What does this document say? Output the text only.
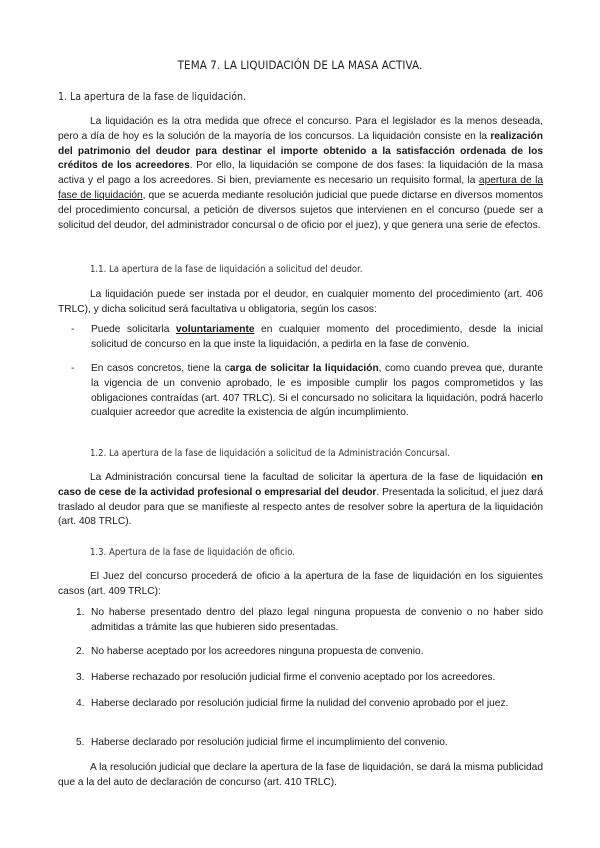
TEMA 7. LA LIQUIDACIÓN DE LA MASA ACTIVA.
1. La apertura de la fase de liquidación.
La liquidación es la otra medida que ofrece el concurso. Para el legislador es la menos deseada, pero a día de hoy es la solución de la mayoría de los concursos. La liquidación consiste en la realización del patrimonio del deudor para destinar el importe obtenido a la satisfacción ordenada de los créditos de los acreedores. Por ello, la liquidación se compone de dos fases: la liquidación de la masa activa y el pago a los acreedores. Si bien, previamente es necesario un requisito formal, la apertura de la fase de liquidación, que se acuerda mediante resolución judicial que puede dictarse en diversos momentos del procedimiento concursal, a petición de diversos sujetos que intervienen en el concurso (puede ser a solicitud del deudor, del administrador concursal o de oficio por el juez), y que genera una serie de efectos.
1.1. La apertura de la fase de liquidación a solicitud del deudor.
La liquidación puede ser instada por el deudor, en cualquier momento del procedimiento (art. 406 TRLC), y dicha solicitud será facultativa u obligatoria, según los casos:
- Puede solicitarla voluntariamente en cualquier momento del procedimiento, desde la inicial solicitud de concurso en la que inste la liquidación, a pedirla en la fase de convenio.
- En casos concretos, tiene la carga de solicitar la liquidación, como cuando prevea que, durante la vigencia de un convenio aprobado, le es imposible cumplir los pagos comprometidos y las obligaciones contraídas (art. 407 TRLC). Si el concursado no solicitara la liquidación, podrá hacerlo cualquier acreedor que acredite la existencia de algún incumplimiento.
1.2. La apertura de la fase de liquidación a solicitud de la Administración Concursal.
La Administración concursal tiene la facultad de solicitar la apertura de la fase de liquidación en caso de cese de la actividad profesional o empresarial del deudor. Presentada la solicitud, el juez dará traslado al deudor para que se manifieste al respecto antes de resolver sobre la apertura de la liquidación (art. 408 TRLC).
1.3. Apertura de la fase de liquidación de oficio.
El Juez del concurso procederá de oficio a la apertura de la fase de liquidación en los siguientes casos (art. 409 TRLC):
1. No haberse presentado dentro del plazo legal ninguna propuesta de convenio o no haber sido admitidas a trámite las que hubieren sido presentadas.
2. No haberse aceptado por los acreedores ninguna propuesta de convenio.
3. Haberse rechazado por resolución judicial firme el convenio aceptado por los acreedores.
4. Haberse declarado por resolución judicial firme la nulidad del convenio aprobado por el juez.
5. Haberse declarado por resolución judicial firme el incumplimiento del convenio.
A la resolución judicial que declare la apertura de la fase de liquidación, se dará la misma publicidad que a la del auto de declaración de concurso (art. 410 TRLC).
